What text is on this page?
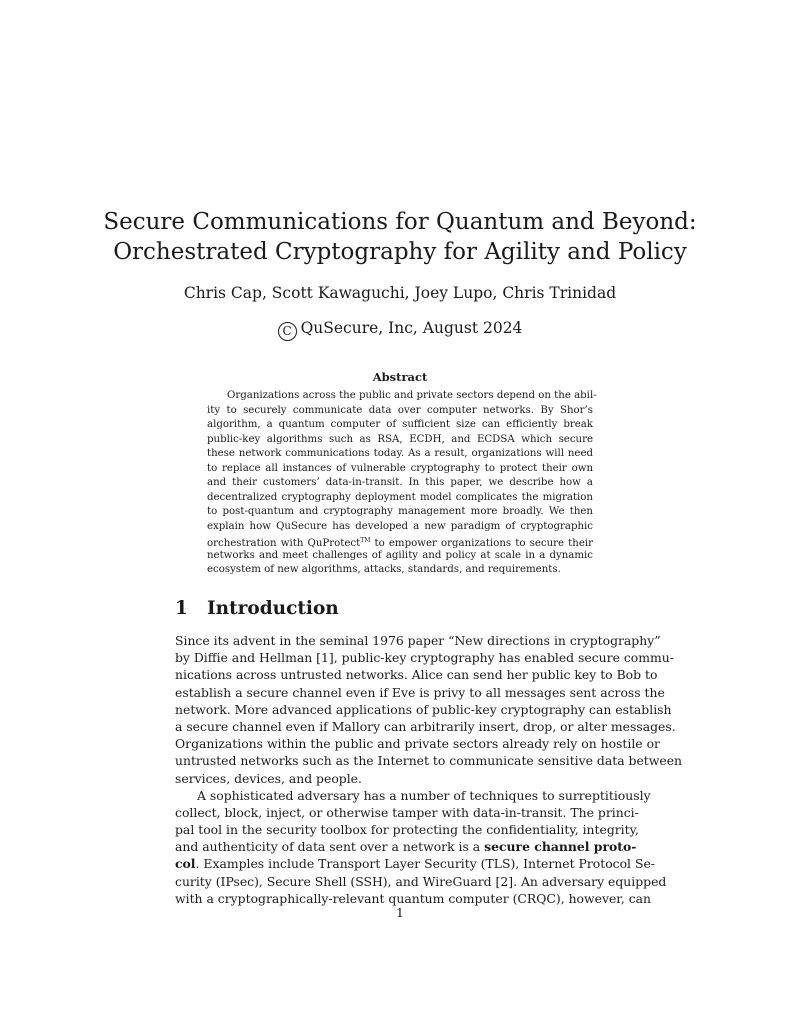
Secure Communications for Quantum and Beyond:
Orchestrated Cryptography for Agility and Policy
Chris Cap, Scott Kawaguchi, Joey Lupo, Chris Trinidad
C QuSecure, Inc, August 2024
Abstract
Organizations across the public and private sectors depend on the abil-
ity to securely communicate data over computer networks. By Shor’s
algorithm, a quantum computer of sufficient size can efficiently break
public-key algorithms such as RSA, ECDH, and ECDSA which secure
these network communications today. As a result, organizations will need
to replace all instances of vulnerable cryptography to protect their own
and their customers’ data-in-transit. In this paper, we describe how a
decentralized cryptography deployment model complicates the migration
to post-quantum and cryptography management more broadly. We then
explain how QuSecure has developed a new paradigm of cryptographic
orchestration with QuProtect™ to empower organizations to secure their
networks and meet challenges of agility and policy at scale in a dynamic
ecosystem of new algorithms, attacks, standards, and requirements.
1 Introduction
Since its advent in the seminal 1976 paper “New directions in cryptography”
by Diffie and Hellman [1], public-key cryptography has enabled secure commu-
nications across untrusted networks. Alice can send her public key to Bob to
establish a secure channel even if Eve is privy to all messages sent across the
network. More advanced applications of public-key cryptography can establish
a secure channel even if Mallory can arbitrarily insert, drop, or alter messages.
Organizations within the public and private sectors already rely on hostile or
untrusted networks such as the Internet to communicate sensitive data between
services, devices, and people.
A sophisticated adversary has a number of techniques to surreptitiously
collect, block, inject, or otherwise tamper with data-in-transit. The princi-
pal tool in the security toolbox for protecting the confidentiality, integrity,
and authenticity of data sent over a network is a secure channel proto-
col. Examples include Transport Layer Security (TLS), Internet Protocol Se-
curity (IPsec), Secure Shell (SSH), and WireGuard [2]. An adversary equipped
with a cryptographically-relevant quantum computer (CRQC), however, can
1
